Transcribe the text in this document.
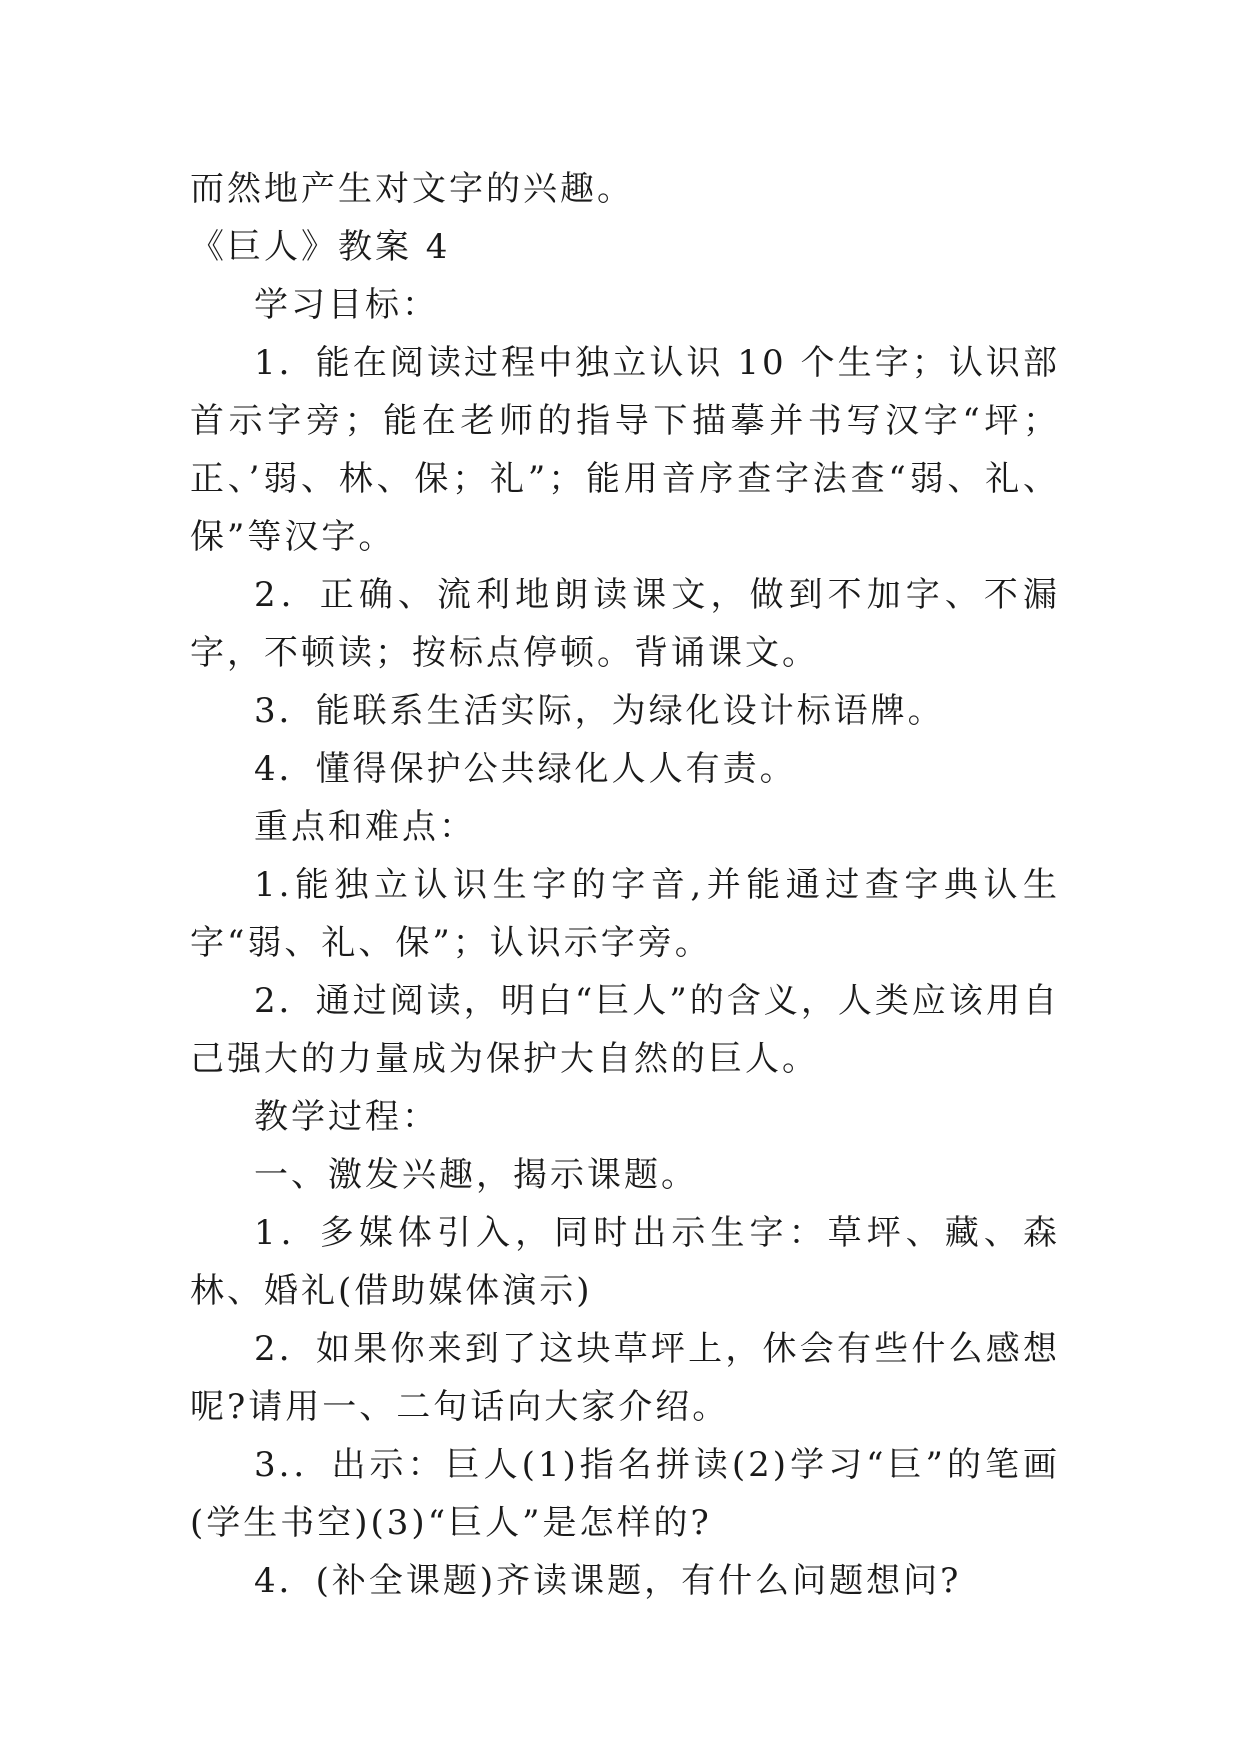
而然地产生对文字的兴趣。

《巨人》教案 4

学习目标：

1．能在阅读过程中独立认识 10 个生字；认识部首示字旁；能在老师的指导下描摹并书写汉字“坪；正、’弱、林、保；礼”；能用音序查字法查“弱、礼、保”等汉字。

2．正确、流利地朗读课文，做到不加字、不漏字，不顿读；按标点停顿。背诵课文。

3．能联系生活实际，为绿化设计标语牌。

4．懂得保护公共绿化人人有责。

重点和难点：

1.能独立认识生字的字音,并能通过查字典认生字“弱、礼、保”；认识示字旁。

2．通过阅读，明白“巨人”的含义，人类应该用自己强大的力量成为保护大自然的巨人。

教学过程：

一、激发兴趣，揭示课题。

1．多媒体引入，同时出示生字：草坪、藏、森林、婚礼(借助媒体演示)

2．如果你来到了这块草坪上，休会有些什么感想呢?请用一、二句话向大家介绍。

3.．出示：巨人(1)指名拼读(2)学习“巨”的笔画(学生书空)(3)“巨人”是怎样的?

4．(补全课题)齐读课题，有什么问题想问?
